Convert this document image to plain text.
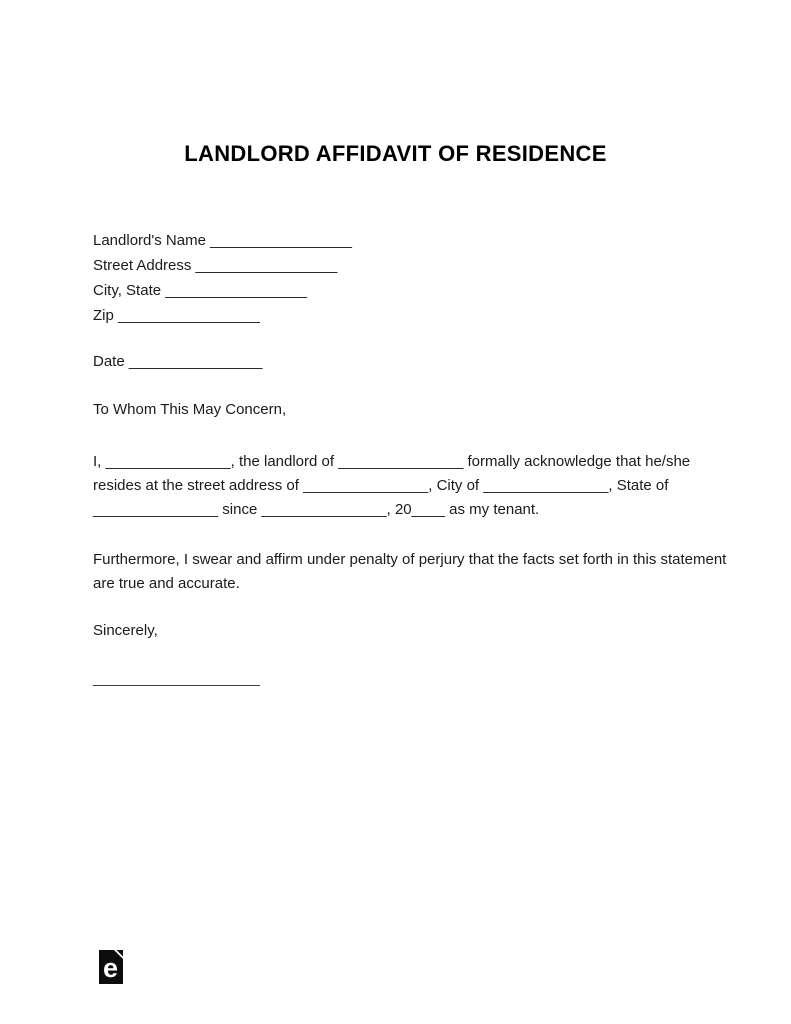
LANDLORD AFFIDAVIT OF RESIDENCE
Landlord's Name _________________
Street Address _________________
City, State _________________
Zip _________________
Date ________________
To Whom This May Concern,
I, _______________, the landlord of _______________ formally acknowledge that he/she
resides at the street address of _______________, City of _______________, State of
_______________ since _______________, 20____ as my tenant.
Furthermore, I swear and affirm under penalty of perjury that the facts set forth in this statement
are true and accurate.
Sincerely,
____________________
e
